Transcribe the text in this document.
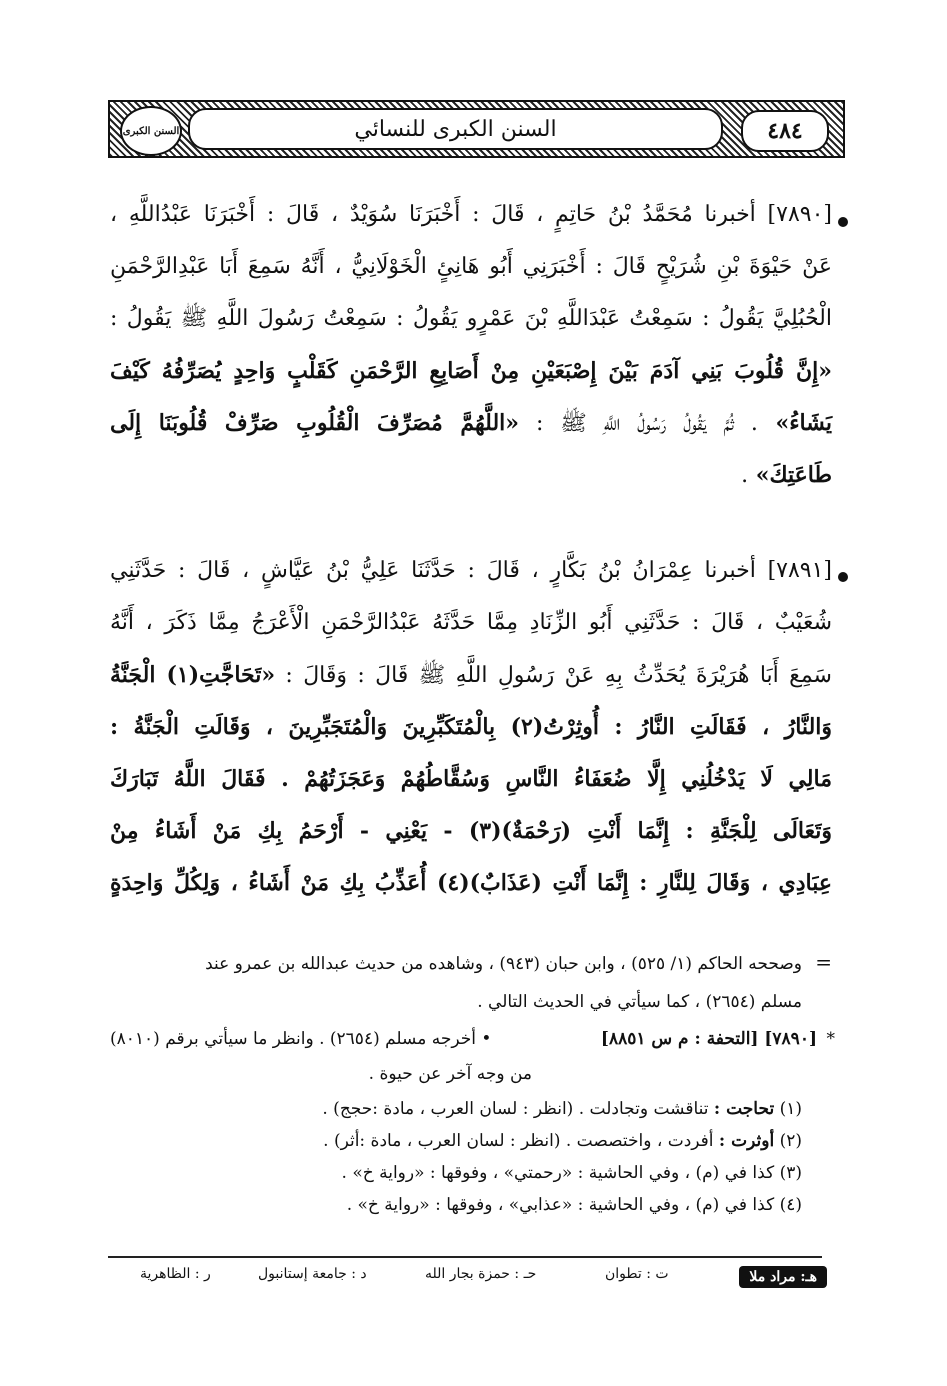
السنن الكبرى	السنن الكبرى للنسائي	٤٨٤
[٧٨٩٠] أخبرنا مُحَمَّدُ بْنُ حَاتِمٍ ، قَالَ : أَخْبَرَنَا سُوَيْدٌ ، قَالَ : أَخْبَرَنَا عَبْدُاللَّهِ ،
عَنْ حَيْوَةَ بْنِ شُرَيْحٍ قَالَ : أَخْبَرَنِي أَبُو هَانِئٍ الْخَوْلَانِيُّ ، أَنَّهُ سَمِعَ أَبَا عَبْدِالرَّحْمَنِ
الْحُبُلِيَّ يَقُولُ : سَمِعْتُ عَبْدَاللَّهِ بْنَ عَمْرٍو يَقُولُ : سَمِعْتُ رَسُولَ اللَّهِ ﷺ يَقُولُ :
«إِنَّ قُلُوبَ بَنِي آدَمَ بَيْنَ إِصْبَعَيْنِ مِنْ أَصَابِعِ الرَّحْمَنِ كَقَلْبٍ وَاحِدٍ يُصَرِّفُهُ كَيْفَ
يَشَاءُ» . ثُمَّ يَقُولُ رَسُولُ اللَّهِ ﷺ : «اللَّهُمَّ مُصَرِّفَ الْقُلُوبِ صَرِّفْ قُلُوبَنَا إِلَى
طَاعَتِكَ» .
[٧٨٩١] أخبرنا عِمْرَانُ بْنُ بَكَّارٍ ، قَالَ : حَدَّثَنَا عَلِيُّ بْنُ عَيَّاشٍ ، قَالَ : حَدَّثَنِي
شُعَيْبٌ ، قَالَ : حَدَّثَنِي أَبُو الزِّنَادِ مِمَّا حَدَّثَهُ عَبْدُالرَّحْمَنِ الْأَعْرَجُ مِمَّا ذَكَرَ ، أَنَّهُ
سَمِعَ أَبَا هُرَيْرَةَ يُحَدِّثُ بِهِ عَنْ رَسُولِ اللَّهِ ﷺ قَالَ : وَقَالَ : «تَحَاجَّتِ(١) الْجَنَّةُ
وَالنَّارُ ، فَقَالَتِ النَّارُ : أُوثِرْتُ(٢) بِالْمُتَكَبِّرِينَ وَالْمُتَجَبِّرِينَ ، وَقَالَتِ الْجَنَّةُ :
مَالِي لَا يَدْخُلُنِي إِلَّا ضُعَفَاءُ النَّاسِ وَسُقَّاطُهُمْ وَعَجَزَتُهُمْ . فَقَالَ اللَّهُ تَبَارَكَ
وَتَعَالَى لِلْجَنَّةِ : إِنَّمَا أَنْتِ (رَحْمَةٌ)(٣) - يَعْنِي - أَرْحَمُ بِكِ مَنْ أَشَاءُ مِنْ
عِبَادِي ، وَقَالَ لِلنَّارِ : إِنَّمَا أَنْتِ (عَذَابٌ)(٤) أُعَذِّبُ بِكِ مَنْ أَشَاءُ ، وَلِكُلِّ وَاحِدَةٍ
=
وصححه الحاكم (١/ ٥٢٥) ، وابن حبان (٩٤٣) ، وشاهده من حديث عبدالله بن عمرو عند
مسلم (٢٦٥٤) ، كما سيأتي في الحديث التالي .
*
[٧٨٩٠] [التحفة : م س ٨٨٥١]
• أخرجه مسلم (٢٦٥٤) . وانظر ما سيأتي برقم (٨٠١٠)
من وجه آخر عن حيوة .
(١) تحاجت : تناقشت وتجادلت . (انظر : لسان العرب ، مادة :حجج) .
(٢) أوثرت : أفردت ، واختصصت . (انظر : لسان العرب ، مادة :أثر) .
(٣) كذا في (م) ، وفي الحاشية : «رحمتي» ، وفوقها : «رواية خ» .
(٤) كذا في (م) ، وفي الحاشية : «عذابي» ، وفوقها : «رواية خ» .
هـ: مراد ملا
ت : تطوان
حـ : حمزة بجار الله
د : جامعة إستانبول
ر : الظاهرية
